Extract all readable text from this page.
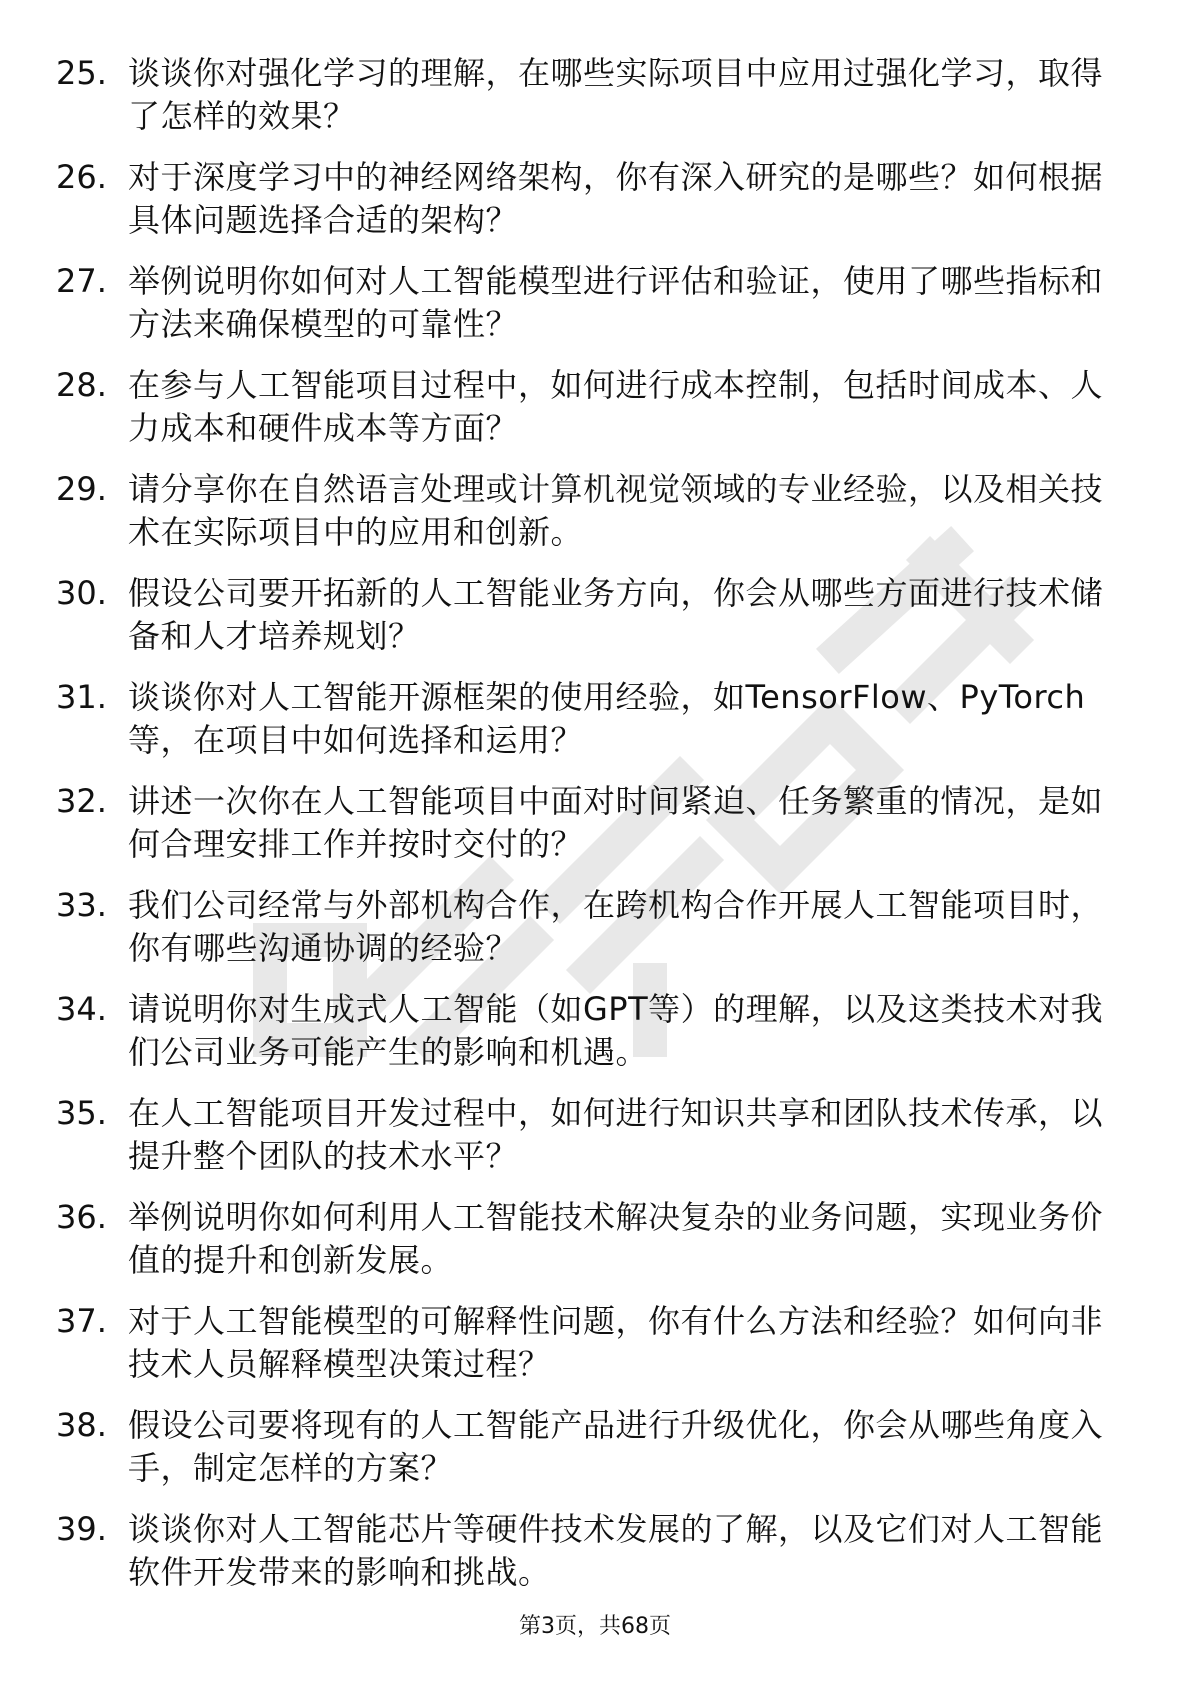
25. 谈谈你对强化学习的理解，在哪些实际项目中应用过强化学习，取得了怎样的效果？
26. 对于深度学习中的神经网络架构，你有深入研究的是哪些？如何根据具体问题选择合适的架构？
27. 举例说明你如何对人工智能模型进行评估和验证，使用了哪些指标和方法来确保模型的可靠性？
28. 在参与人工智能项目过程中，如何进行成本控制，包括时间成本、人力成本和硬件成本等方面？
29. 请分享你在自然语言处理或计算机视觉领域的专业经验，以及相关技术在实际项目中的应用和创新。
30. 假设公司要开拓新的人工智能业务方向，你会从哪些方面进行技术储备和人才培养规划？
31. 谈谈你对人工智能开源框架的使用经验，如TensorFlow、PyTorch等，在项目中如何选择和运用？
32. 讲述一次你在人工智能项目中面对时间紧迫、任务繁重的情况，是如何合理安排工作并按时交付的？
33. 我们公司经常与外部机构合作，在跨机构合作开展人工智能项目时，你有哪些沟通协调的经验？
34. 请说明你对生成式人工智能（如GPT等）的理解，以及这类技术对我们公司业务可能产生的影响和机遇。
35. 在人工智能项目开发过程中，如何进行知识共享和团队技术传承，以提升整个团队的技术水平？
36. 举例说明你如何利用人工智能技术解决复杂的业务问题，实现业务价值的提升和创新发展。
37. 对于人工智能模型的可解释性问题，你有什么方法和经验？如何向非技术人员解释模型决策过程？
38. 假设公司要将现有的人工智能产品进行升级优化，你会从哪些角度入手，制定怎样的方案？
39. 谈谈你对人工智能芯片等硬件技术发展的了解，以及它们对人工智能软件开发带来的影响和挑战。
第3页，共68页
